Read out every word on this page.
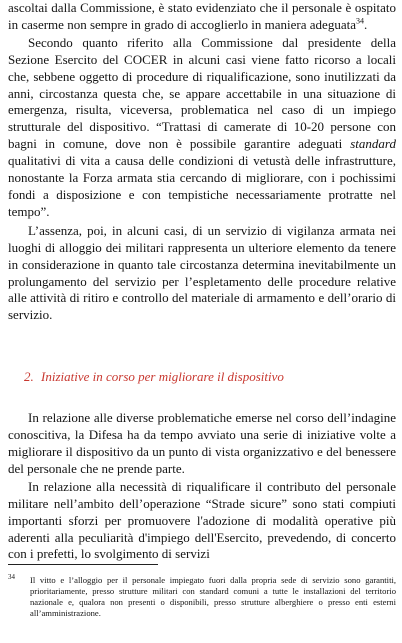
ascoltai dalla Commissione, è stato evidenziato che il personale è ospitato in caserme non sempre in grado di accoglierlo in maniera adeguata$^{34}$.

Secondo quanto riferito alla Commissione dal presidente della Sezione Esercito del COCER in alcuni casi viene fatto ricorso a locali che, sebbene oggetto di procedure di riqualificazione, sono inutilizzati da anni, circostanza questa che, se appare accettabile in una situazione di emergenza, risulta, viceversa, problematica nel caso di un impiego strutturale del dispositivo. “Trattasi di camerate di 10-20 persone con bagni in comune, dove non è possibile garantire adeguati standard qualitativi di vita a causa delle condizioni di vetustà delle infrastrutture, nonostante la Forza armata stia cercando di migliorare, con i pochissimi fondi a disposizione e con tempistiche necessariamente protratte nel tempo”.

L’assenza, poi, in alcuni casi, di un servizio di vigilanza armata nei luoghi di alloggio dei militari rappresenta un ulteriore elemento da tenere in considerazione in quanto tale circostanza determina inevitabilmente un prolungamento del servizio per l’espletamento delle procedure relative alle attività di ritiro e controllo del materiale di armamento e dell’orario di servizio.

2. Iniziative in corso per migliorare il dispositivo

In relazione alle diverse problematiche emerse nel corso dell’indagine conoscitiva, la Difesa ha da tempo avviato una serie di iniziative volte a migliorare il dispositivo da un punto di vista organizzativo e del benessere del personale che ne prende parte.

In relazione alla necessità di riqualificare il contributo del personale militare nell’ambito dell’operazione “Strade sicure” sono stati compiuti importanti sforzi per promuovere l'adozione di modalità operative più aderenti alla peculiarità d'impiego dell'Esercito, prevedendo, di concerto con i prefetti, lo svolgimento di servizi

34	Il vitto e l’alloggio per il personale impiegato fuori dalla propria sede di servizio sono garantiti, prioritariamente, presso strutture militari con standard comuni a tutte le installazioni del territorio nazionale e, qualora non presenti o disponibili, presso strutture alberghiere o presso enti esterni all’amministrazione.
